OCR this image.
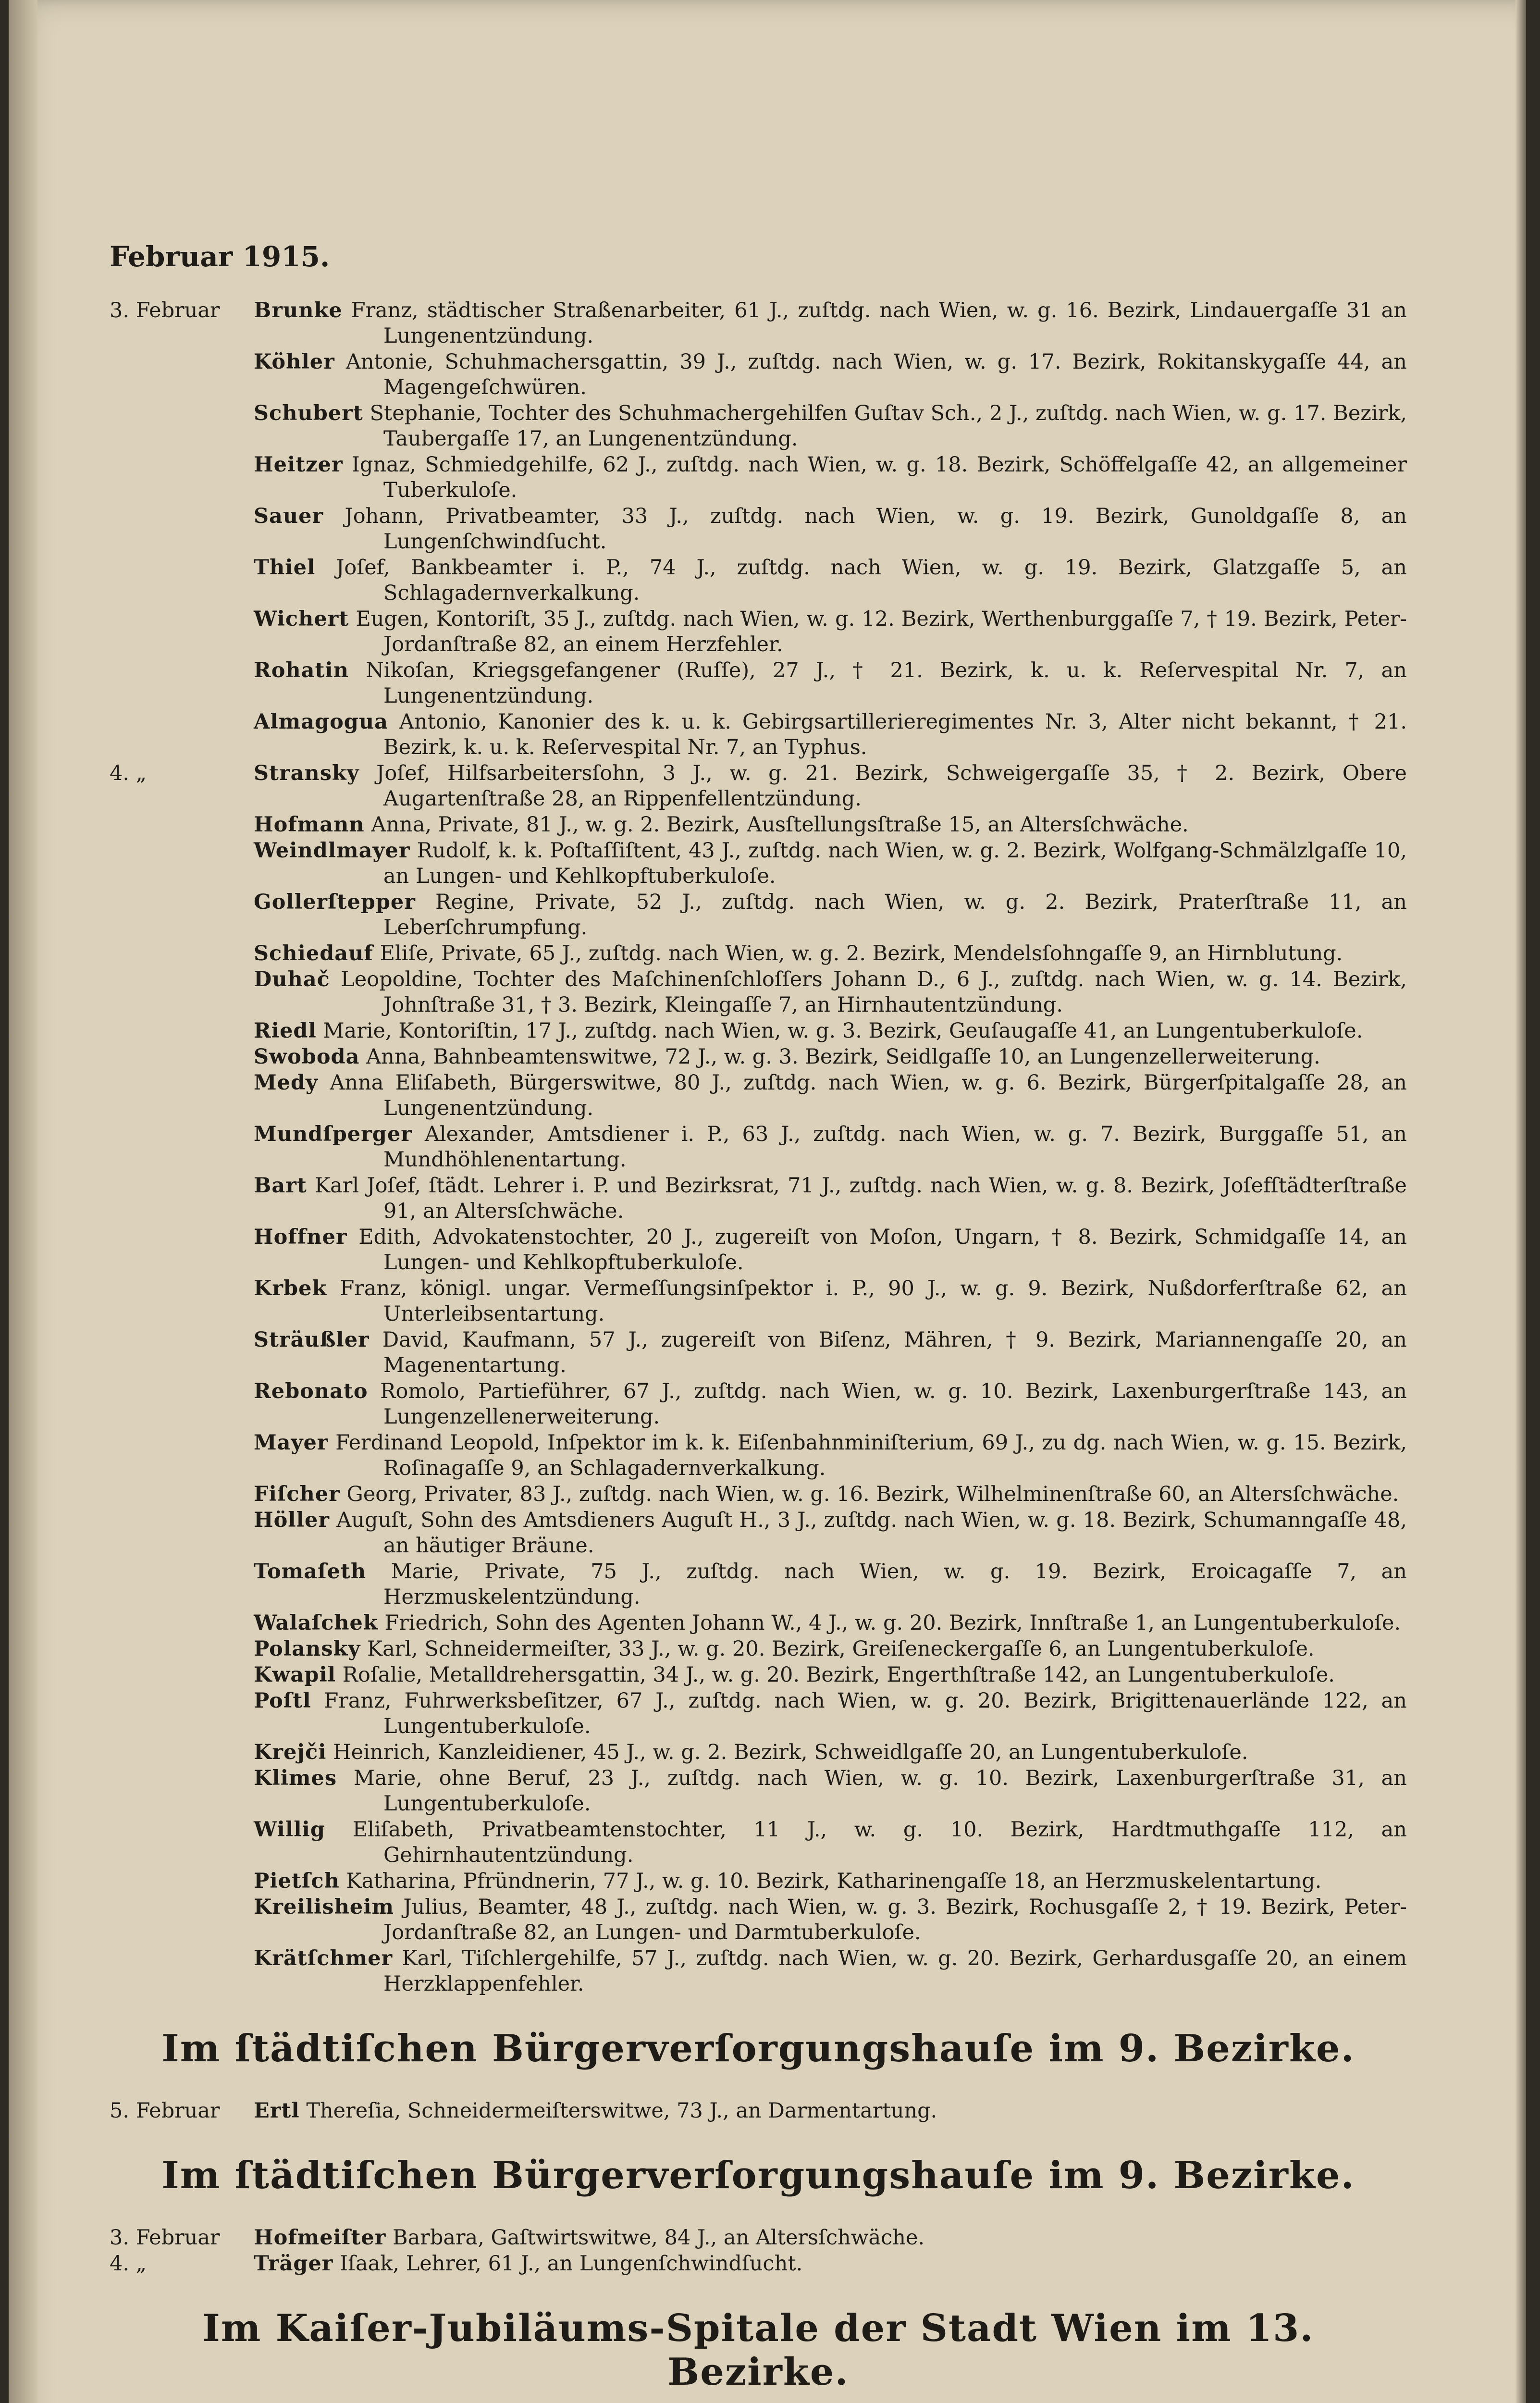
Februar 1915.
3. Februar	Brunke Franz, städtischer Straßenarbeiter, 61 J., zuſtdg. nach Wien, w. g. 16. Bezirk, Lindauergaſſe 31 an Lungenentzündung.
Köhler Antonie, Schuhmachersgattin, 39 J., zuſtdg. nach Wien, w. g. 17. Bezirk, Rokitanskygaſſe 44, an Magengeſchwüren.
Schubert Stephanie, Tochter des Schuhmachergehilfen Guſtav Sch., 2 J., zuſtdg. nach Wien, w. g. 17. Bezirk, Taubergaſſe 17, an Lungenentzündung.
Heitzer Ignaz, Schmiedgehilfe, 62 J., zuſtdg. nach Wien, w. g. 18. Bezirk, Schöffelgaſſe 42, an allgemeiner Tuberkuloſe.
Sauer Johann, Privatbeamter, 33 J., zuſtdg. nach Wien, w. g. 19. Bezirk, Gunoldgaſſe 8, an Lungenſchwindſucht.
Thiel Joſef, Bankbeamter i. P., 74 J., zuſtdg. nach Wien, w. g. 19. Bezirk, Glatzgaſſe 5, an Schlagadernverkalkung.
Wichert Eugen, Kontoriſt, 35 J., zuſtdg. nach Wien, w. g. 12. Bezirk, Werthenburggaſſe 7, † 19. Bezirk, Peter-Jordanſtraße 82, an einem Herzfehler.
Rohatin Nikoſan, Kriegsgefangener (Ruſſe), 27 J., † 21. Bezirk, k. u. k. Reſervespital Nr. 7, an Lungenentzündung.
Almagogua Antonio, Kanonier des k. u. k. Gebirgsartillerieregimentes Nr. 3, Alter nicht bekannt, † 21. Bezirk, k. u. k. Reſervespital Nr. 7, an Typhus.
4. „	Stransky Joſef, Hilfsarbeitersſohn, 3 J., w. g. 21. Bezirk, Schweigergaſſe 35, † 2. Bezirk, Obere Augartenſtraße 28, an Rippenfellentzündung.
Hofmann Anna, Private, 81 J., w. g. 2. Bezirk, Ausſtellungsſtraße 15, an Altersſchwäche.
Weindlmayer Rudolf, k. k. Poſtaſſiſtent, 43 J., zuſtdg. nach Wien, w. g. 2. Bezirk, Wolfgang-Schmälzlgaſſe 10, an Lungen- und Kehlkopftuberkuloſe.
Gollerſtepper Regine, Private, 52 J., zuſtdg. nach Wien, w. g. 2. Bezirk, Praterſtraße 11, an Leberſchrumpfung.
Schiedauf Eliſe, Private, 65 J., zuſtdg. nach Wien, w. g. 2. Bezirk, Mendelsſohngaſſe 9, an Hirnblutung.
Duhač Leopoldine, Tochter des Maſchinenſchloſſers Johann D., 6 J., zuſtdg. nach Wien, w. g. 14. Bezirk, Johnſtraße 31, † 3. Bezirk, Kleingaſſe 7, an Hirnhautentzündung.
Riedl Marie, Kontoriſtin, 17 J., zuſtdg. nach Wien, w. g. 3. Bezirk, Geuſaugaſſe 41, an Lungentuberkuloſe.
Swoboda Anna, Bahnbeamtenswitwe, 72 J., w. g. 3. Bezirk, Seidlgaſſe 10, an Lungenzellerweiterung.
Medy Anna Eliſabeth, Bürgerswitwe, 80 J., zuſtdg. nach Wien, w. g. 6. Bezirk, Bürgerſpitalgaſſe 28, an Lungenentzündung.
Mundſperger Alexander, Amtsdiener i. P., 63 J., zuſtdg. nach Wien, w. g. 7. Bezirk, Burggaſſe 51, an Mundhöhlenentartung.
Bart Karl Joſef, ſtädt. Lehrer i. P. und Bezirksrat, 71 J., zuſtdg. nach Wien, w. g. 8. Bezirk, Joſefſtädterſtraße 91, an Altersſchwäche.
Hoffner Edith, Advokatenstochter, 20 J., zugereiſt von Moſon, Ungarn, † 8. Bezirk, Schmidgaſſe 14, an Lungen- und Kehlkopftuberkuloſe.
Krbek Franz, königl. ungar. Vermeſſungsinſpektor i. P., 90 J., w. g. 9. Bezirk, Nußdorferſtraße 62, an Unterleibsentartung.
Sträußler David, Kaufmann, 57 J., zugereiſt von Biſenz, Mähren, † 9. Bezirk, Mariannengaſſe 20, an Magenentartung.
Rebonato Romolo, Partieführer, 67 J., zuſtdg. nach Wien, w. g. 10. Bezirk, Laxenburgerſtraße 143, an Lungenzellenerweiterung.
Mayer Ferdinand Leopold, Inſpektor im k. k. Eiſenbahnminiſterium, 69 J., zu dg. nach Wien, w. g. 15. Bezirk, Roſinagaſſe 9, an Schlagadernverkalkung.
Fiſcher Georg, Privater, 83 J., zuſtdg. nach Wien, w. g. 16. Bezirk, Wilhelminenſtraße 60, an Altersſchwäche.
Höller Auguſt, Sohn des Amtsdieners Auguſt H., 3 J., zuſtdg. nach Wien, w. g. 18. Bezirk, Schumanngaſſe 48, an häutiger Bräune.
Tomaſeth Marie, Private, 75 J., zuſtdg. nach Wien, w. g. 19. Bezirk, Eroicagaſſe 7, an Herzmuskelentzündung.
Walaſchek Friedrich, Sohn des Agenten Johann W., 4 J., w. g. 20. Bezirk, Innſtraße 1, an Lungentuberkuloſe.
Polansky Karl, Schneidermeiſter, 33 J., w. g. 20. Bezirk, Greiſeneckergaſſe 6, an Lungentuberkuloſe.
Kwapil Roſalie, Metalldrehersgattin, 34 J., w. g. 20. Bezirk, Engerthſtraße 142, an Lungentuberkuloſe.
Poſtl Franz, Fuhrwerksbeſitzer, 67 J., zuſtdg. nach Wien, w. g. 20. Bezirk, Brigittenauerlände 122, an Lungentuberkuloſe.
Krejči Heinrich, Kanzleidiener, 45 J., w. g. 2. Bezirk, Schweidlgaſſe 20, an Lungentuberkuloſe.
Klimes Marie, ohne Beruf, 23 J., zuſtdg. nach Wien, w. g. 10. Bezirk, Laxenburgerſtraße 31, an Lungentuberkuloſe.
Willig Eliſabeth, Privatbeamtenstochter, 11 J., w. g. 10. Bezirk, Hardtmuthgaſſe 112, an Gehirnhautentzündung.
Pietſch Katharina, Pfründnerin, 77 J., w. g. 10. Bezirk, Katharinengaſſe 18, an Herzmuskelentartung.
Kreilisheim Julius, Beamter, 48 J., zuſtdg. nach Wien, w. g. 3. Bezirk, Rochusgaſſe 2, † 19. Bezirk, Peter-Jordanſtraße 82, an Lungen- und Darmtuberkuloſe.
Krätſchmer Karl, Tiſchlergehilfe, 57 J., zuſtdg. nach Wien, w. g. 20. Bezirk, Gerhardusgaſſe 20, an einem Herzklappenfehler.
Im ſtädtiſchen Bürgerverſorgungshauſe im 9. Bezirke.
5. Februar	Ertl Thereſia, Schneidermeiſterswitwe, 73 J., an Darmentartung.
Im ſtädtiſchen Bürgerverſorgungshauſe im 9. Bezirke.
3. Februar	Hofmeiſter Barbara, Gaſtwirtswitwe, 84 J., an Altersſchwäche.
4. „	Träger Iſaak, Lehrer, 61 J., an Lungenſchwindſucht.
Im Kaiſer-Jubiläums-Spitale der Stadt Wien im 13. Bezirke.
